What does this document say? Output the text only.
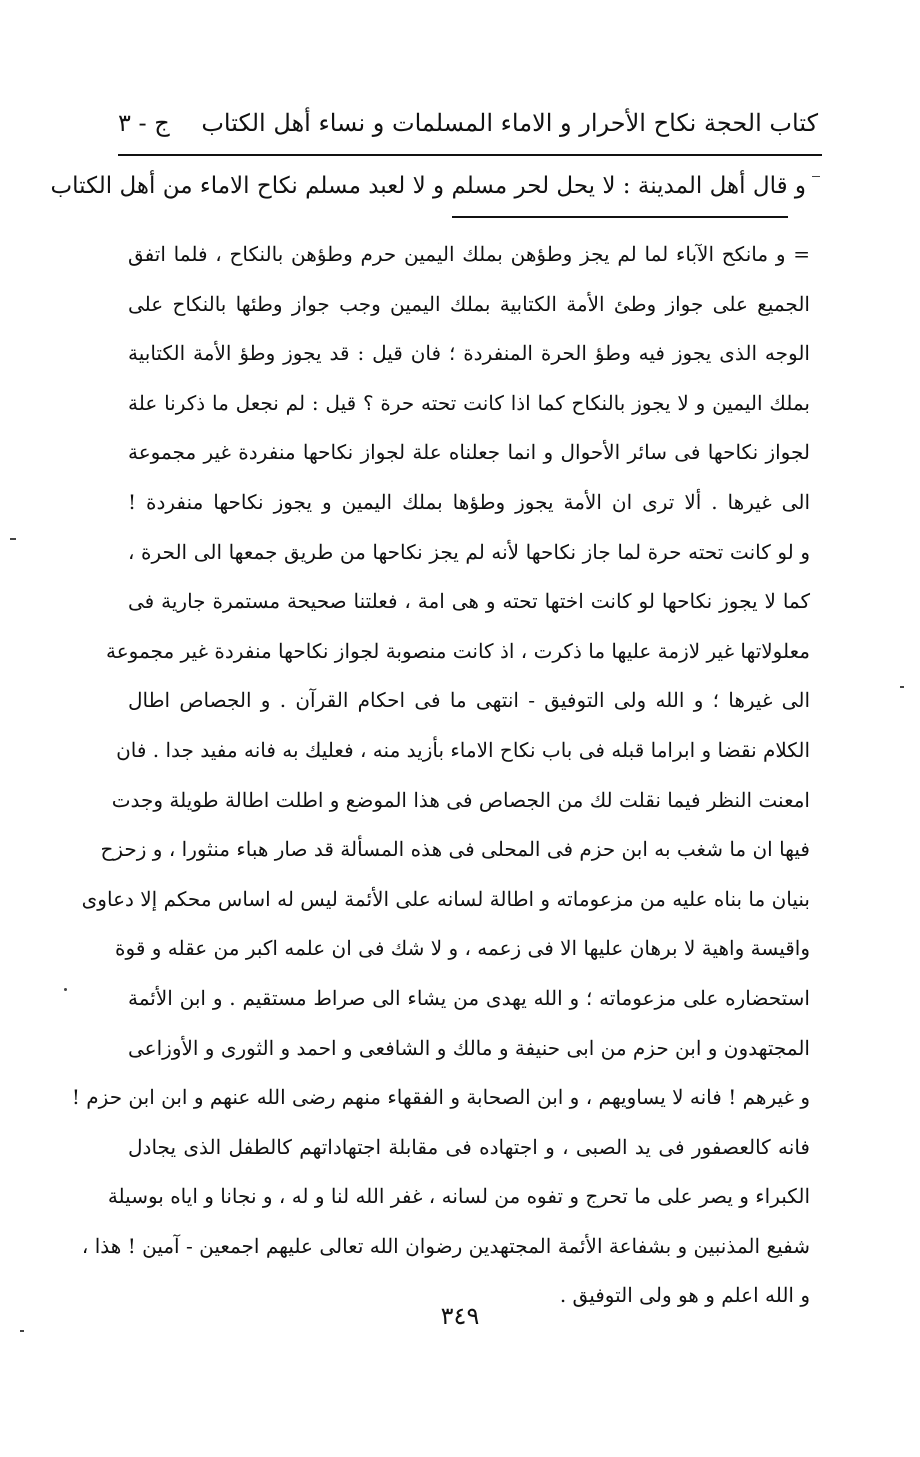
كتاب الحجة نكاح الأحرار و الاماء المسلمات و نساء أهل الكتاب
ج - ٣
و قال أهل المدينة : لا يحل لحر مسلم و لا لعبد مسلم نكاح الاماء من أهل الكتاب
= و مانكح الآباء لما لم يجز وطؤهن بملك اليمين حرم وطؤهن بالنكاح ، فلما اتفق
الجميع على جواز وطئ الأمة الكتابية بملك اليمين وجب جواز وطئها بالنكاح على
الوجه الذى يجوز فيه وطؤ الحرة المنفردة ؛ فان قيل : قد يجوز وطؤ الأمة الكتابية
بملك اليمين و لا يجوز بالنكاح كما اذا كانت تحته حرة ؟ قيل : لم نجعل ما ذكرنا علة
لجواز نكاحها فى سائر الأحوال و انما جعلناه علة لجواز نكاحها منفردة غير مجموعة
الى غيرها . ألا ترى ان الأمة يجوز وطؤها بملك اليمين و يجوز نكاحها منفردة !
و لو كانت تحته حرة لما جاز نكاحها لأنه لم يجز نكاحها من طريق جمعها الى الحرة ،
كما لا يجوز نكاحها لو كانت اختها تحته و هى امة ، فعلتنا صحيحة مستمرة جارية فى
معلولاتها غير لازمة عليها ما ذكرت ، اذ كانت منصوبة لجواز نكاحها منفردة غير مجموعة
الى غيرها ؛ و الله ولى التوفيق - انتهى ما فى احكام القرآن . و الجصاص اطال
الكلام نقضا و ابراما قبله فى باب نكاح الاماء بأزيد منه ، فعليك به فانه مفيد جدا . فان
امعنت النظر فيما نقلت لك من الجصاص فى هذا الموضع و اطلت اطالة طويلة وجدت
فيها ان ما شغب به ابن حزم فى المحلى فى هذه المسألة قد صار هباء منثورا ، و زحزح
بنيان ما بناه عليه من مزعوماته و اطالة لسانه على الأئمة ليس له اساس محكم إلا دعاوى
واقيسة واهية لا برهان عليها الا فى زعمه ، و لا شك فى ان علمه اكبر من عقله و قوة
استحضاره على مزعوماته ؛ و الله يهدى من يشاء الى صراط مستقيم . و ابن الأئمة
المجتهدون و ابن حزم من ابى حنيفة و مالك و الشافعى و احمد و الثورى و الأوزاعى
و غيرهم ! فانه لا يساويهم ، و ابن الصحابة و الفقهاء منهم رضى الله عنهم و ابن ابن حزم !
فانه كالعصفور فى يد الصبى ، و اجتهاده فى مقابلة اجتهاداتهم كالطفل الذى يجادل
الكبراء و يصر على ما تحرج و تفوه من لسانه ، غفر الله لنا و له ، و نجانا و اياه بوسيلة
شفيع المذنبين و بشفاعة الأئمة المجتهدين رضوان الله تعالى عليهم اجمعين - آمين ! هذا ،
و الله اعلم و هو ولى التوفيق .
٣٤٩
